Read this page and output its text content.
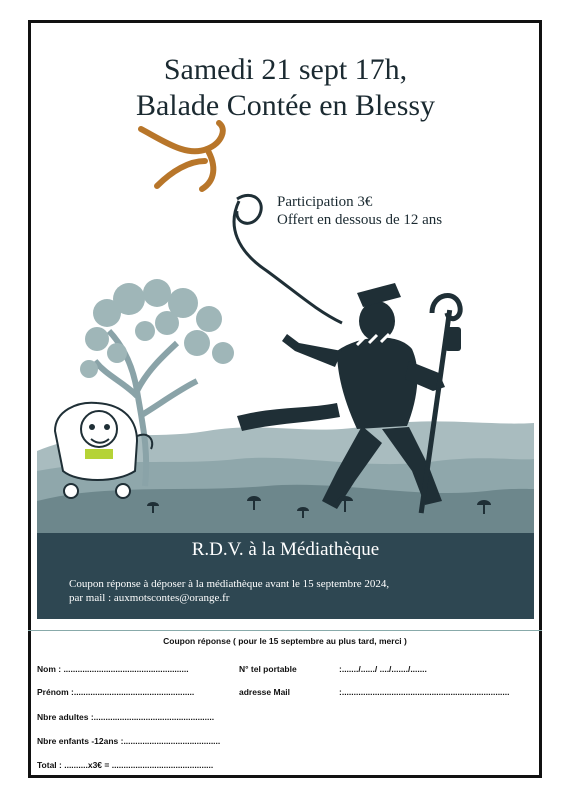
Samedi 21 sept 17h,
Balade Contée en Blessy
Participation 3€
Offert en dessous de 12 ans
R.D.V. à la Médiathèque
Coupon réponse à déposer à la médiathèque avant le 15 septembre 2024,
par mail : auxmotscontes@orange.fr
Coupon réponse ( pour le 15 septembre au plus tard, merci )
Nom : .....................................................	N° tel portable	:......./....../ ..../......./.......
Prénom :...................................................	adresse Mail	:.......................................................................
Nbre adultes :...................................................
Nbre enfants -12ans :.........................................
Total : ..........x3€ = ...........................................
